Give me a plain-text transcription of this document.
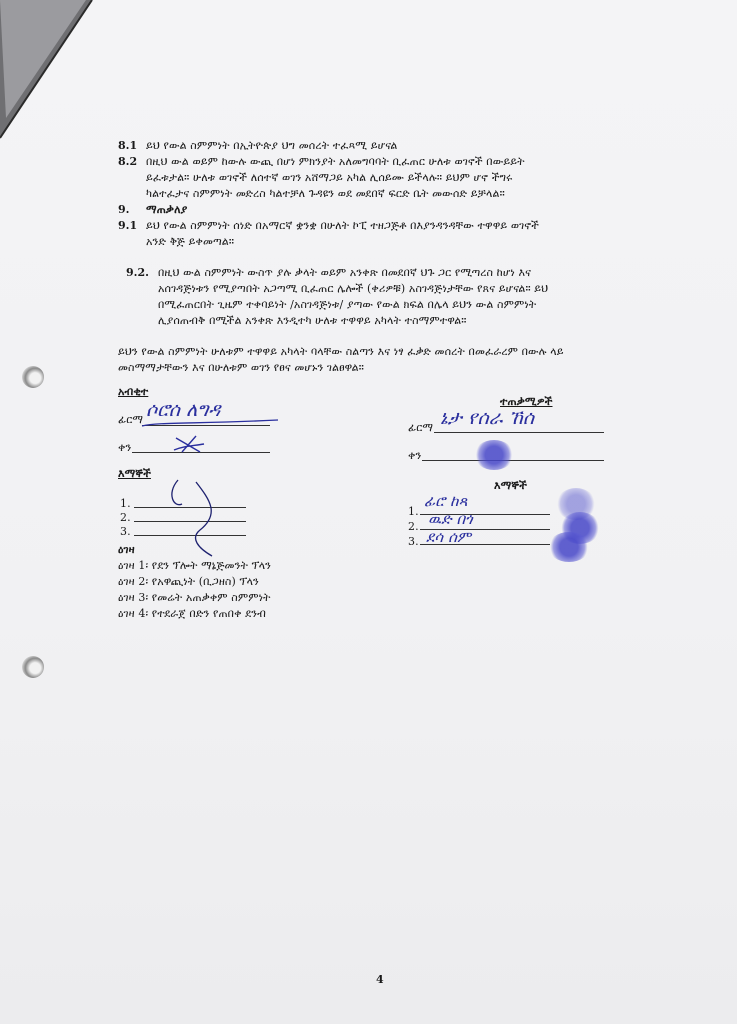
8.1 ይህ የውል ስምምነት በኢትዮጵያ ህግ መሰረት ተፈጻሚ ይሆናል
8.2 በዚህ ውል ወይም ከውሉ ውጪ በሆነ ምክንያት አለመግባባት ቢፈጠር ሁለቱ ወገኖች በውይይት
ይፈቱታል። ሁለቱ ወገኖች ለሰተኛ ወገን አሸማጋይ አካል ሊሰይሙ ይችላሉ። ይህም ሆኖ ችግሩ
ካልተፈታና ስምምነት መድረስ ካልተቻለ ጉዳዩን ወደ መደበኛ ፍርድ ቤት መውሰድ ይቻላል።
9. ማጠቃለያ
9.1 ይህ የውል ስምምነት ሰነድ በአማርኛ ቋንቋ በሁለት ኮፒ ተዘጋጅቶ በእያንዳንዳቸው ተዋዋይ ወገኖች
አንድ ቅጅ ይቀመጣል።
9.2. በዚህ ውል ስምምነት ውስጥ ያሉ ቃላት ወይም አንቀጽ በመደበኛ ህጉ ጋር የሚጣረስ ከሆነ እና
አሰገዳጅነቱን የሚያጣበት አጋጣሚ ቢፈጠር ሌሎች (ቀሪዎቹ) አስገዳጅነታቸው የጸና ይሆናል። ይህ
በሚፈጠርበት ጊዜም ተቀባይነት /አስገዳጅነቱ/ ያጣው የውል ክፍል በሌላ ይህን ውል ስምምነት
ሊያሰጠብቅ በሚችል አንቀጽ እንዲተካ ሁለቱ ተዋዋይ አካላት ተስማምተዋል።
ይህን የውል ስምምነት ሁለቱም ተዋዋይ አካላት ባላቸው ስልጣን እና ነፃ ፈቃድ መሰረት በመፈራረም በውሉ ላይ
መስማማታቸውን እና በሁለቱም ወገን የፀና መሆኑን ገልፀዋል።
አብቂተ
ፊርማ ሶሮሰ ለግዳ
ቀን
እማኞች
1.
2.
3.
ዕገዛ
ዕገዛ 1፡ የደን ፕሎት ማኔጅመንት ፕላን
ዕገዛ 2፡ የአዋጪነት (ቢጋዘስ) ፕላን
ዕገዛ 3፡ የመሬት አጠቃቀም ስምምነት
ዕገዛ 4፡ የተደራጀ በድን የጠበቀ ደንብ
ተጠቃሚዎች
ፊርማ ኔታ የሰራ ኸሰ
ቀን
እማኞች
1.
2.
3.
ፊሮ ከጻ
ዉድ በጎ
ደሳ ሰም
4
